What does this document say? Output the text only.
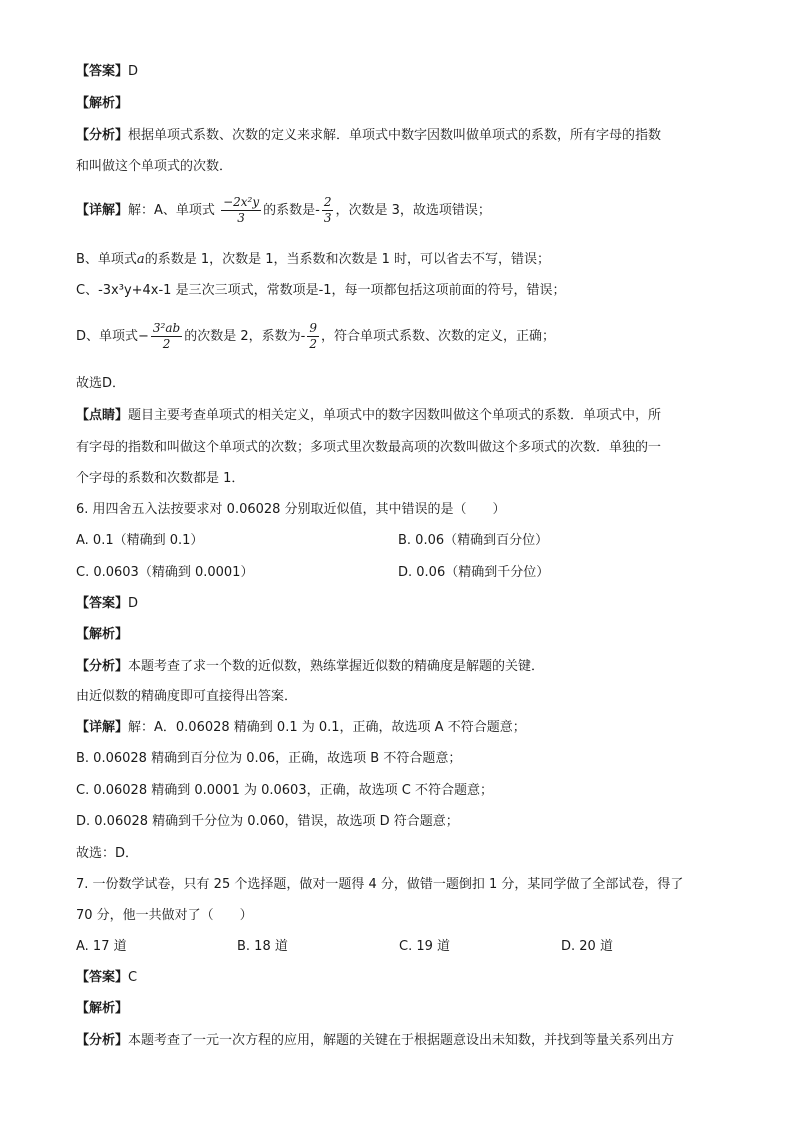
【答案】D
【解析】
【分析】根据单项式系数、次数的定义来求解．单项式中数字因数叫做单项式的系数，所有字母的指数
和叫做这个单项式的次数．
【详解】解：A、单项式 $\frac{\text{−2x²y}}{3}$ 的系数是- $\frac{2}{3}$ ，次数是 3，故选项错误；
B、单项式a的系数是 1，次数是 1，当系数和次数是 1 时，可以省去不写，错误；
C、-3x³y+4x-1 是三次三项式，常数项是-1，每一项都包括这项前面的符号，错误；
D、单项式− $\frac{\text{3²ab}}{2}$ 的次数是 2，系数为- $\frac{9}{2}$ ，符合单项式系数、次数的定义，正确；
故选D．
【点睛】题目主要考查单项式的相关定义，单项式中的数字因数叫做这个单项式的系数．单项式中，所
有字母的指数和叫做这个单项式的次数；多项式里次数最高项的次数叫做这个多项式的次数．单独的一
个字母的系数和次数都是 1．
6. 用四舍五入法按要求对 0.06028 分别取近似值，其中错误的是（　　）
A. 0.1（精确到 0.1）	B. 0.06（精确到百分位）
C. 0.0603（精确到 0.0001）	D. 0.06（精确到千分位）
【答案】D
【解析】
【分析】本题考查了求一个数的近似数，熟练掌握近似数的精确度是解题的关键．
由近似数的精确度即可直接得出答案．
【详解】解：A．0.06028 精确到 0.1 为 0.1，正确，故选项 A 不符合题意；
B. 0.06028 精确到百分位为 0.06，正确，故选项 B 不符合题意；
C. 0.06028 精确到 0.0001 为 0.0603，正确，故选项 C 不符合题意；
D. 0.06028 精确到千分位为 0.060，错误，故选项 D 符合题意；
故选：D．
7. 一份数学试卷，只有 25 个选择题，做对一题得 4 分，做错一题倒扣 1 分，某同学做了全部试卷，得了
70 分，他一共做对了（　　）
A. 17 道	B. 18 道	C. 19 道	D. 20 道
【答案】C
【解析】
【分析】本题考查了一元一次方程的应用，解题的关键在于根据题意设出未知数，并找到等量关系列出方
